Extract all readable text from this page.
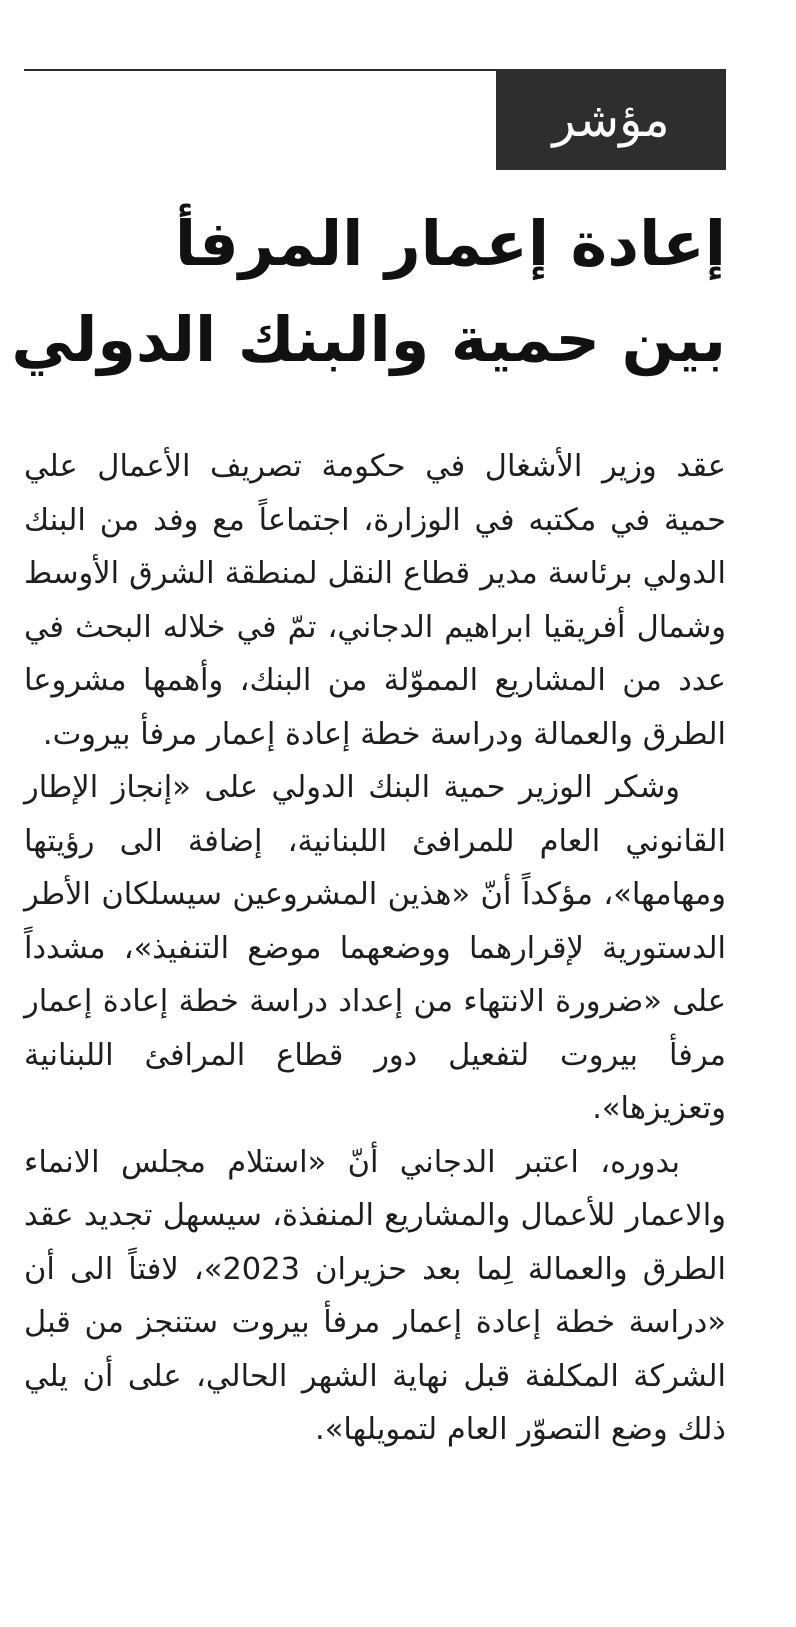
مؤشر
إعادة إعمار المرفأ
بين حمية والبنك الدولي

عقد وزير الأشغال في حكومة تصريف الأعمال علي حمية في مكتبه في الوزارة، اجتماعاً مع وفد من البنك الدولي برئاسة مدير قطاع النقل لمنطقة الشرق الأوسط وشمال أفريقيا ابراهيم الدجاني، تمّ في خلاله البحث في عدد من المشاريع المموّلة من البنك، وأهمها مشروعا الطرق والعمالة ودراسة خطة إعادة إعمار مرفأ بيروت.

وشكر الوزير حمية البنك الدولي على «إنجاز الإطار القانوني العام للمرافئ اللبنانية، إضافة الى رؤيتها ومهامها»، مؤكداً أنّ «هذين المشروعين سيسلكان الأطر الدستورية لإقرارهما ووضعهما موضع التنفيذ»، مشدداً على «ضرورة الانتهاء من إعداد دراسة خطة إعادة إعمار مرفأ بيروت لتفعيل دور قطاع المرافئ اللبنانية وتعزيزها».

بدوره، اعتبر الدجاني أنّ «استلام مجلس الانماء والاعمار للأعمال والمشاريع المنفذة، سيسهل تجديد عقد الطرق والعمالة لِما بعد حزيران 2023»، لافتاً الى أن «دراسة خطة إعادة إعمار مرفأ بيروت ستنجز من قبل الشركة المكلفة قبل نهاية الشهر الحالي، على أن يلي ذلك وضع التصوّر العام لتمويلها».
